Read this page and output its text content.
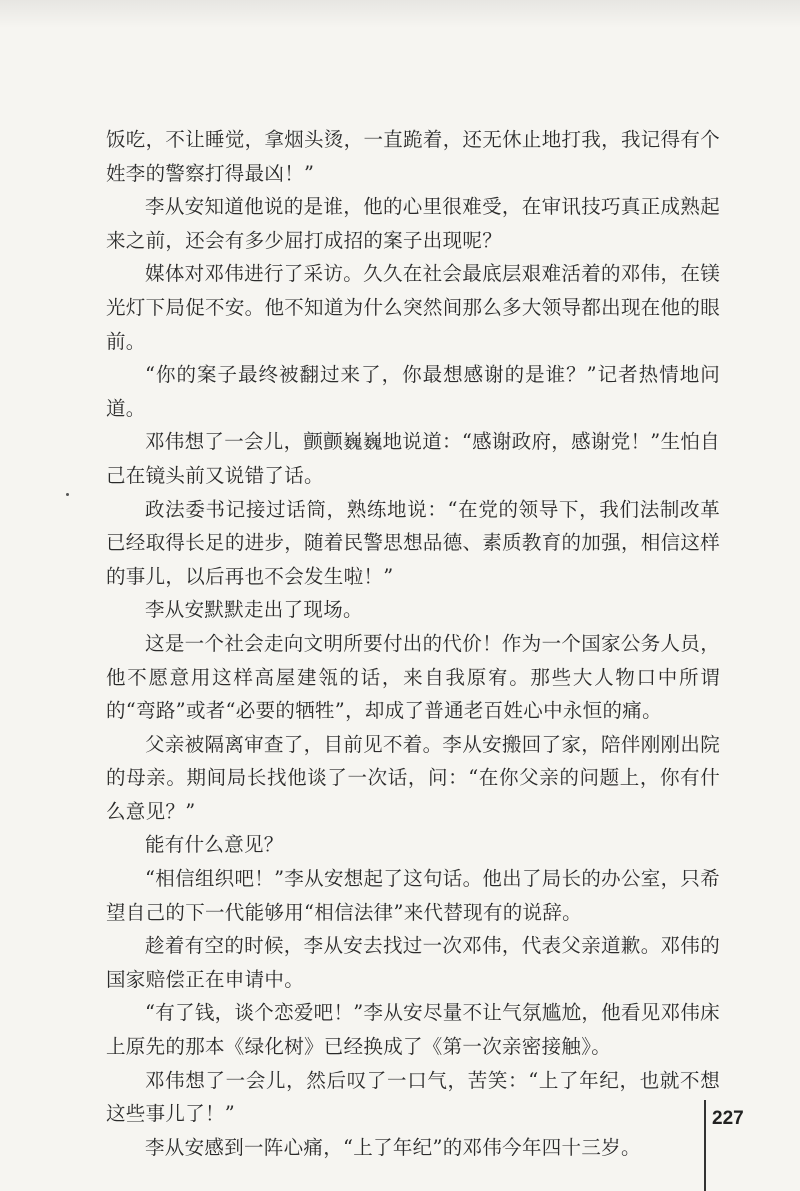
饭吃，不让睡觉，拿烟头烫，一直跪着，还无休止地打我，我记得有个姓李的警察打得最凶！”

李从安知道他说的是谁，他的心里很难受，在审讯技巧真正成熟起来之前，还会有多少屈打成招的案子出现呢？

媒体对邓伟进行了采访。久久在社会最底层艰难活着的邓伟，在镁光灯下局促不安。他不知道为什么突然间那么多大领导都出现在他的眼前。

“你的案子最终被翻过来了，你最想感谢的是谁？”记者热情地问道。

邓伟想了一会儿，颤颤巍巍地说道：“感谢政府，感谢党！”生怕自己在镜头前又说错了话。

政法委书记接过话筒，熟练地说：“在党的领导下，我们法制改革已经取得长足的进步，随着民警思想品德、素质教育的加强，相信这样的事儿，以后再也不会发生啦！”

李从安默默走出了现场。

这是一个社会走向文明所要付出的代价！作为一个国家公务人员，他不愿意用这样高屋建瓴的话，来自我原宥。那些大人物口中所谓的“弯路”或者“必要的牺牲”，却成了普通老百姓心中永恒的痛。

父亲被隔离审查了，目前见不着。李从安搬回了家，陪伴刚刚出院的母亲。期间局长找他谈了一次话，问：“在你父亲的问题上，你有什么意见？”

能有什么意见？

“相信组织吧！”李从安想起了这句话。他出了局长的办公室，只希望自己的下一代能够用“相信法律”来代替现有的说辞。

趁着有空的时候，李从安去找过一次邓伟，代表父亲道歉。邓伟的国家赔偿正在申请中。

“有了钱，谈个恋爱吧！”李从安尽量不让气氛尴尬，他看见邓伟床上原先的那本《绿化树》已经换成了《第一次亲密接触》。

邓伟想了一会儿，然后叹了一口气，苦笑：“上了年纪，也就不想这些事儿了！”

李从安感到一阵心痛，“上了年纪”的邓伟今年四十三岁。

227
